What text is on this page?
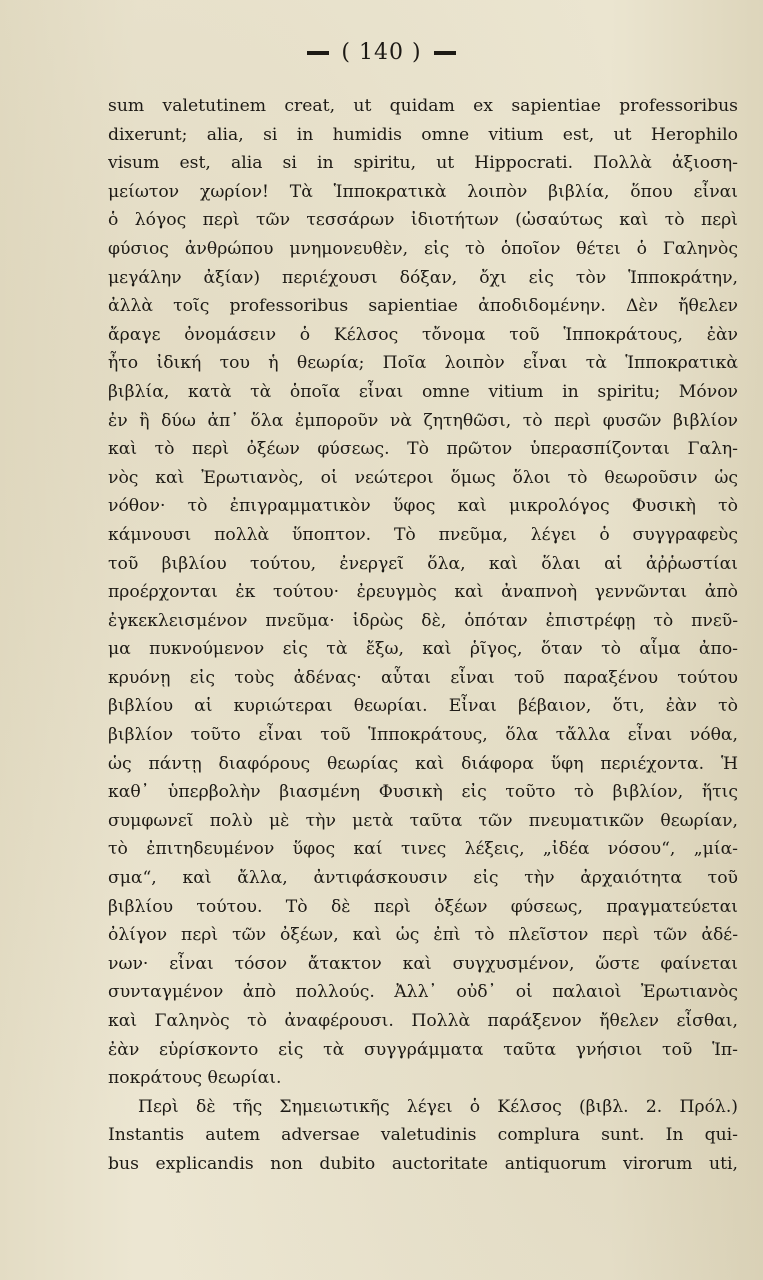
( 140 )
sum valetutinem creat, ut quidam ex sapientiae professoribus
dixerunt; alia, si in humidis omne vitium est, ut Herophilo
visum est, alia si in spiritu, ut Hippocrati. Πολλὰ ἀξιοση-
μείωτον χωρίον! Τὰ Ἱπποκρατικὰ λοιπὸν βιβλία, ὅπου εἶναι
ὁ λόγος περὶ τῶν τεσσάρων ἰδιοτήτων (ὡσαύτως καὶ τὸ περὶ
φύσιος ἀνθρώπου μνημονευθὲν, εἰς τὸ ὁποῖον θέτει ὁ Γαληνὸς
μεγάλην ἀξίαν) περιέχουσι δόξαν, ὄχι εἰς τὸν Ἱπποκράτην,
ἀλλὰ τοῖς professoribus sapientiae ἀποδιδομένην. Δὲν ἤθελεν
ἄραγε ὀνομάσειν ὁ Κέλσος τὄνομα τοῦ Ἱπποκράτους, ἐὰν
ἦτο ἰδική του ἡ θεωρία; Ποῖα λοιπὸν εἶναι τὰ Ἱπποκρατικὰ
βιβλία, κατὰ τὰ ὁποῖα εἶναι omne vitium in spiritu; Μόνον
ἐν ἢ δύω ἀπ᾽ ὅλα ἐμποροῦν νὰ ζητηθῶσι, τὸ περὶ φυσῶν βιβλίον
καὶ τὸ περὶ ὀξέων φύσεως. Τὸ πρῶτον ὑπερασπίζονται Γαλη-
νὸς καὶ Ἐρωτιανὸς, οἱ νεώτεροι ὅμως ὅλοι τὸ θεωροῦσιν ὡς
νόθον· τὸ ἐπιγραμματικὸν ὕφος καὶ μικρολόγος Φυσικὴ τὸ
κάμνουσι πολλὰ ὕποπτον. Τὸ πνεῦμα, λέγει ὁ συγγραφεὺς
τοῦ βιβλίου τούτου, ἐνεργεῖ ὅλα, καὶ ὅλαι αἱ ἀῤῥωστίαι
προέρχονται ἐκ τούτου· ἐρευγμὸς καὶ ἀναπνοὴ γεννῶνται ἀπὸ
ἐγκεκλεισμένον πνεῦμα· ἱδρὼς δὲ, ὁπόταν ἐπιστρέφῃ τὸ πνεῦ-
μα πυκνούμενον εἰς τὰ ἔξω, καὶ ῥῖγος, ὅταν τὸ αἷμα ἀπο-
κρυόνῃ εἰς τοὺς ἀδένας· αὗται εἶναι τοῦ παραξένου τούτου
βιβλίου αἱ κυριώτεραι θεωρίαι. Εἶναι βέβαιον, ὅτι, ἐὰν τὸ
βιβλίον τοῦτο εἶναι τοῦ Ἱπποκράτους, ὅλα τἄλλα εἶναι νόθα,
ὡς πάντῃ διαφόρους θεωρίας καὶ διάφορα ὕφη περιέχοντα. Ἡ
καθ᾽ ὑπερβολὴν βιασμένη Φυσικὴ εἰς τοῦτο τὸ βιβλίον, ἥτις
συμφωνεῖ πολὺ μὲ τὴν μετὰ ταῦτα τῶν πνευματικῶν θεωρίαν,
τὸ ἐπιτηδευμένον ὕφος καί τινες λέξεις, „ἰδέα νόσου“, „μία-
σμα“, καὶ ἄλλα, ἀντιφάσκουσιν εἰς τὴν ἀρχαιότητα τοῦ
βιβλίου τούτου. Τὸ δὲ περὶ ὀξέων φύσεως, πραγματεύεται
ὀλίγον περὶ τῶν ὀξέων, καὶ ὡς ἐπὶ τὸ πλεῖστον περὶ τῶν ἀδέ-
νων· εἶναι τόσον ἄτακτον καὶ συγχυσμένον, ὥστε φαίνεται
συνταγμένον ἀπὸ πολλούς. Ἀλλ᾽ οὐδ᾽ οἱ παλαιοὶ Ἐρωτιανὸς
καὶ Γαληνὸς τὸ ἀναφέρουσι. Πολλὰ παράξενον ἤθελεν εἶσθαι,
ἐὰν εὑρίσκοντο εἰς τὰ συγγράμματα ταῦτα γνήσιοι τοῦ Ἱπ-
ποκράτους θεωρίαι.
Περὶ δὲ τῆς Σημειωτικῆς λέγει ὁ Κέλσος (βιβλ. 2. Πρόλ.)
Instantis autem adversae valetudinis complura sunt. In qui-
bus explicandis non dubito auctoritate antiquorum virorum uti,
